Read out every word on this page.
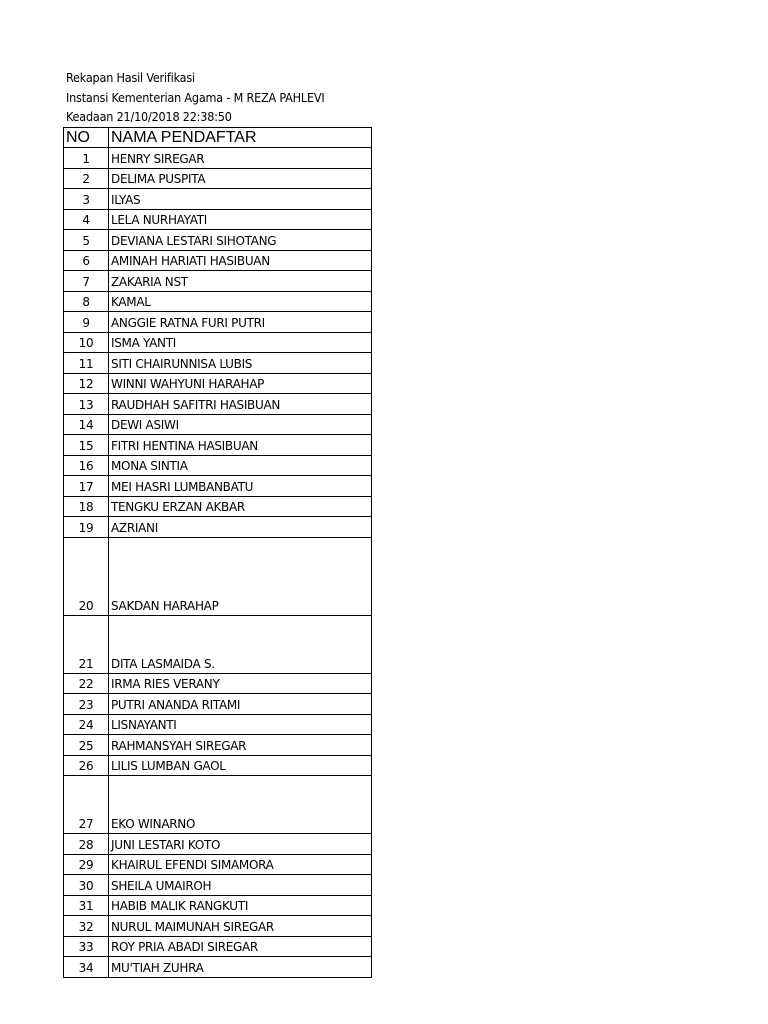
Rekapan Hasil Verifikasi
Instansi Kementerian Agama - M REZA PAHLEVI
Keadaan 21/10/2018 22:38:50
NO	NAMA PENDAFTAR
1	HENRY SIREGAR
2	DELIMA PUSPITA
3	ILYAS
4	LELA NURHAYATI
5	DEVIANA LESTARI SIHOTANG
6	AMINAH HARIATI HASIBUAN
7	ZAKARIA NST
8	KAMAL
9	ANGGIE RATNA FURI PUTRI
10	ISMA YANTI
11	SITI CHAIRUNNISA LUBIS
12	WINNI WAHYUNI HARAHAP
13	RAUDHAH SAFITRI HASIBUAN
14	DEWI ASIWI
15	FITRI HENTINA HASIBUAN
16	MONA SINTIA
17	MEI HASRI LUMBANBATU
18	TENGKU ERZAN AKBAR
19	AZRIANI
20	SAKDAN HARAHAP
21	DITA LASMAIDA S.
22	IRMA RIES VERANY
23	PUTRI ANANDA RITAMI
24	LISNAYANTI
25	RAHMANSYAH SIREGAR
26	LILIS LUMBAN GAOL
27	EKO WINARNO
28	JUNI LESTARI KOTO
29	KHAIRUL EFENDI SIMAMORA
30	SHEILA UMAIROH
31	HABIB MALIK RANGKUTI
32	NURUL MAIMUNAH SIREGAR
33	ROY PRIA ABADI SIREGAR
34	MU'TIAH ZUHRA
